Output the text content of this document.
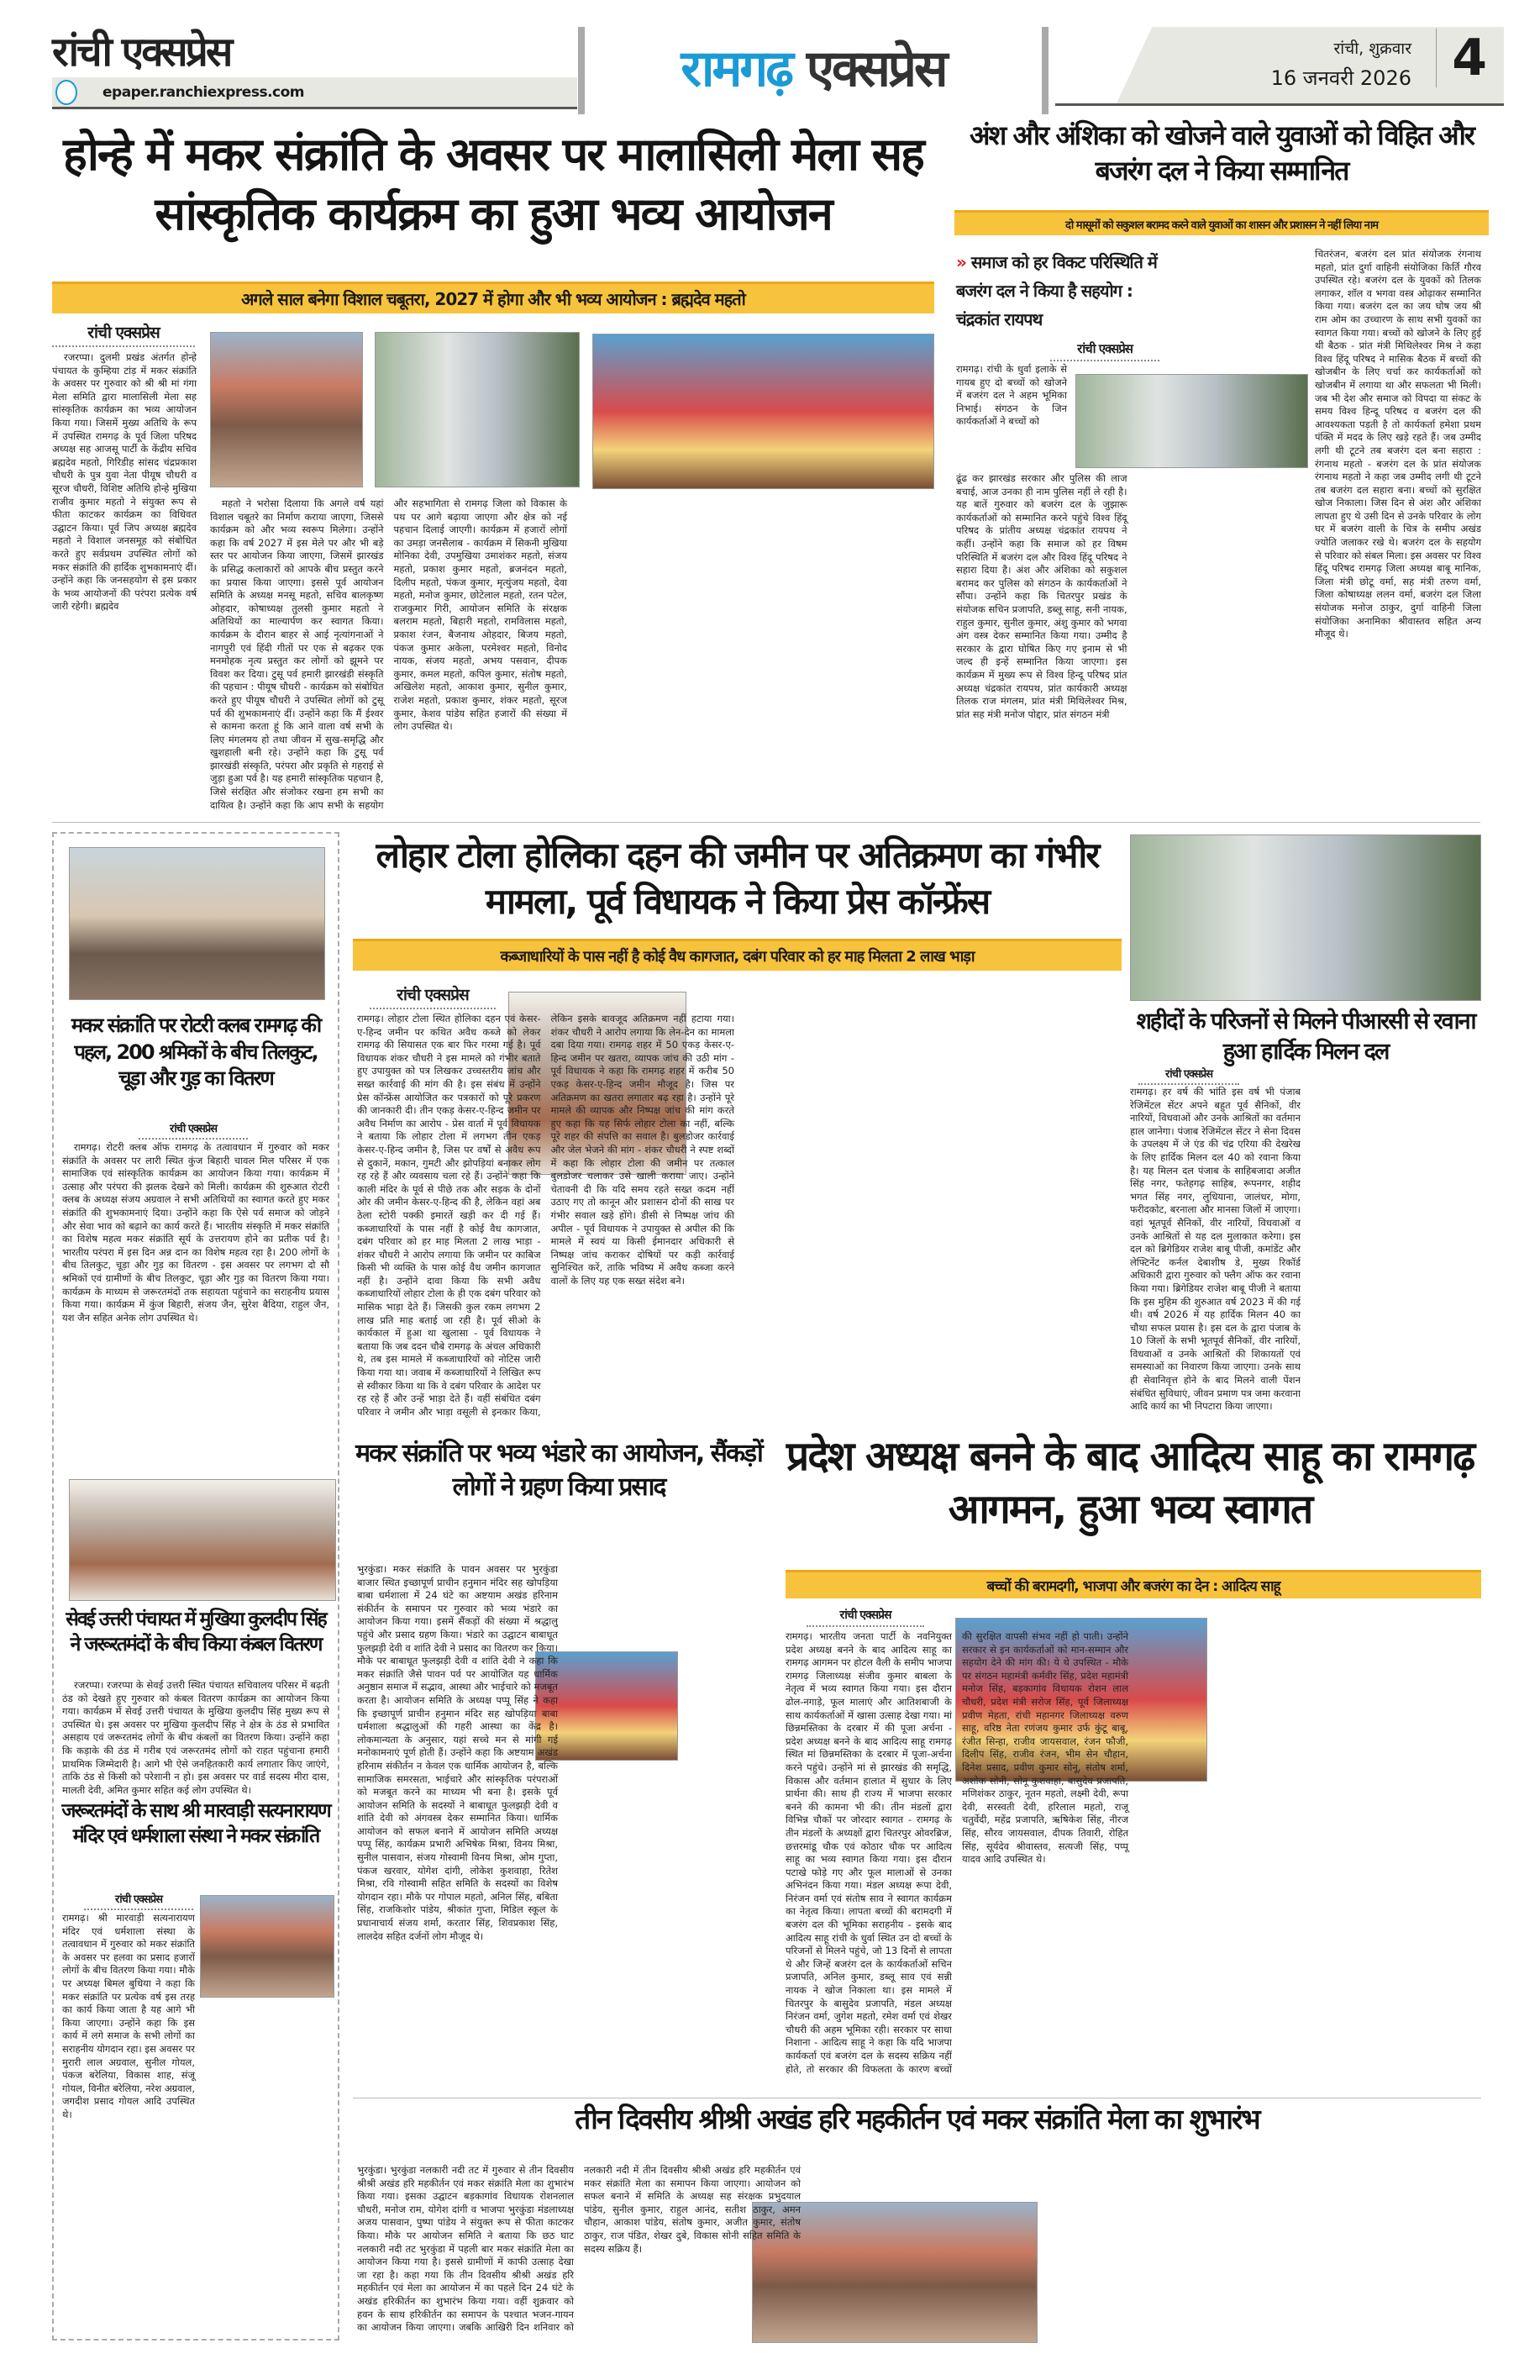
रांची एक्सप्रेस
epaper.ranchiexpress.com	रामगढ़ एक्सप्रेस	रांची, शुक्रवार
16 जनवरी 2026 4
होन्हे में मकर संक्रांति के अवसर पर मालासिली मेला सह सांस्कृतिक कार्यक्रम का हुआ भव्य आयोजन
अगले साल बनेगा विशाल चबूतरा, 2027 में होगा और भी भव्य आयोजन : ब्रह्मदेव महतो
रांची एक्सप्रेस
रजरप्पा। दुलमी प्रखंड अंतर्गत होन्हे पंचायत के कुम्हिया टांड़ में मकर संक्रांति के अवसर पर गुरुवार को श्री श्री मां गंगा मेला समिति द्वारा मालासिली मेला सह सांस्कृतिक कार्यक्रम का भव्य आयोजन किया गया। जिसमें मुख्य अतिथि के रूप में उपस्थित रामगढ़ के पूर्व जिला परिषद अध्यक्ष सह आजसू पार्टी के केंद्रीय सचिव ब्रह्मदेव महतो, गिरिडीह सांसद चंद्रप्रकाश चौधरी के पुत्र युवा नेता पीयूष चौधरी व सूरज चौधरी, विशिष्ट अतिथि होन्हे मुखिया राजीव कुमार महतो ने संयुक्त रूप से फीता काटकर कार्यक्रम का विधिवत उद्घाटन किया। पूर्व जिप अध्यक्ष ब्रह्मदेव महतो ने विशाल जनसमूह को संबोधित करते हुए सर्वप्रथम उपस्थित लोगों को मकर संक्रांति की हार्दिक शुभकामनाएं दीं। उन्होंने कहा कि जनसहयोग से इस प्रकार के भव्य आयोजनों की परंपरा प्रत्येक वर्ष जारी रहेगी। ब्रह्मदेव
महतो ने भरोसा दिलाया कि अगले वर्ष यहां विशाल चबूतरे का निर्माण कराया जाएगा, जिससे कार्यक्रम को और भव्य स्वरूप मिलेगा। उन्होंने कहा कि वर्ष 2027 में इस मेले पर और भी बड़े स्तर पर आयोजन किया जाएगा, जिसमें झारखंड के प्रसिद्ध कलाकारों को आपके बीच प्रस्तुत करने का प्रयास किया जाएगा। इससे पूर्व आयोजन समिति के अध्यक्ष मनसू महतो, सचिव बालकृष्ण ओहदार, कोषाध्यक्ष तुलसी कुमार महतो ने अतिथियों का माल्यार्पण कर स्वागत किया। कार्यक्रम के दौरान बाहर से आई नृत्यांगनाओं ने नागपुरी एवं हिंदी गीतों पर एक से बढ़कर एक मनमोहक नृत्य प्रस्तुत कर लोगों को झूमने पर विवश कर दिया। टुसू पर्व हमारी झारखंडी संस्कृति की पहचान : पीयूष चौधरी - कार्यक्रम को संबोधित करते हुए पीयूष चौधरी ने उपस्थित लोगों को टुसू पर्व की शुभकामनाएं दीं। उन्होंने कहा कि मैं ईश्वर से कामना करता हूं कि आने वाला वर्ष सभी के लिए मंगलमय हो तथा जीवन में सुख-समृद्धि और खुशहाली बनी रहे। उन्होंने कहा कि टुसू पर्व झारखंडी संस्कृति, परंपरा और प्रकृति से गहराई से जुड़ा हुआ पर्व है। यह हमारी सांस्कृतिक पहचान है, जिसे संरक्षित और संजोकर रखना हम सभी का दायित्व है। उन्होंने कहा कि आप सभी के सहयोग और सहभागिता से रामगढ़ जिला को विकास के पथ पर आगे बढ़ाया जाएगा और क्षेत्र को नई पहचान दिलाई जाएगी। कार्यक्रम में हजारों लोगों का उमड़ा जनसैलाब - कार्यक्रम में सिकनी मुखिया मोनिका देवी, उपमुखिया उमाशंकर महतो, संजय महतो, प्रकाश कुमार महतो, ब्रजनंदन महतो, दिलीप महतो, पंकज कुमार, मृत्युंजय महतो, देवा महतो, मनोज कुमार, छोटेलाल महतो, रतन पटेल, राजकुमार गिरी, आयोजन समिति के संरक्षक बलराम महतो, बिहारी महतो, रामविलास महतो, प्रकाश रंजन, बैजनाथ ओहदार, बिजय महतो, पंकज कुमार अकेला, परमेश्वर महतो, विनोद नायक, संजय महतो, अभय पसवान, दीपक कुमार, कमल महतो, कपिल कुमार, संतोष महतो, अखिलेश महतो, आकाश कुमार, सुनील कुमार, राजेश महतो, प्रकाश कुमार, शंकर महतो, सूरज कुमार, केशव पांडेय सहित हजारों की संख्या में लोग उपस्थित थे।
अंश और अंशिका को खोजने वाले युवाओं को विहित और बजरंग दल ने किया सम्मानित
दो मासूमों को सकुशल बरामद करने वाले युवाओं का शासन और प्रशासन ने नहीं लिया नाम
» समाज को हर विकट परिस्थिति में बजरंग दल ने किया है सहयोग : चंद्रकांत रायपथ
रांची एक्सप्रेस
रामगढ़। रांची के धुर्वा इलाके से गायब हुए दो बच्चों को खोजने में बजरंग दल ने अहम भूमिका निभाई। संगठन के जिन कार्यकर्ताओं ने बच्चों को
ढूंढ कर झारखंड सरकार और पुलिस की लाज बचाई, आज उनका ही नाम पुलिस नहीं ले रही है। यह बातें गुरुवार को बजरंग दल के जुझारू कार्यकर्ताओं को सम्मानित करने पहुंचे विश्व हिंदू परिषद के प्रांतीय अध्यक्ष चंद्रकांत रायपथ ने कहीं। उन्होंने कहा कि समाज को हर विषम परिस्थिति में बजरंग दल और विश्व हिंदू परिषद ने सहारा दिया है। अंश और अंशिका को सकुशल बरामद कर पुलिस को संगठन के कार्यकर्ताओं ने सौंपा। उन्होंने कहा कि चितरपुर प्रखंड के संयोजक सचिन प्रजापति, डब्लू साहू, सनी नायक, राहुल कुमार, सुनील कुमार, अंशु कुमार को भगवा अंग वस्त्र देकर सम्मानित किया गया। उम्मीद है सरकार के द्वारा घोषित किए गए इनाम से भी जल्द ही इन्हें सम्मानित किया जाएगा। इस कार्यक्रम में मुख्य रूप से विश्व हिन्दू परिषद प्रांत अध्यक्ष चंद्रकांत रायपथ, प्रांत कार्यकारी अध्यक्ष तिलक राज मंगलम, प्रांत मंत्री मिथिलेश्वर मिश्र, प्रांत सह मंत्री मनोज पोद्दार, प्रांत संगठन मंत्री
चितरंजन, बजरंग दल प्रांत संयोजक रंगनाथ महतो, प्रांत दुर्गा वाहिनी संयोजिका किर्ति गौरव उपस्थित रहे। बजरंग दल के युवकों को तिलक लगाकर, शॉल व भगवा वस्त्र ओढ़ाकर सम्मानित किया गया। बजरंग दल का जय घोष जय श्री राम ओम का उच्चारण के साथ सभी युवकों का स्वागत किया गया। बच्चों को खोजने के लिए हुई थी बैठक - प्रांत मंत्री मिथिलेश्वर मिश्र ने कहा विश्व हिंदू परिषद ने मासिक बैठक में बच्चों की खोजबीन के लिए चर्चा कर कार्यकर्ताओं को खोजबीन में लगाया था और सफलता भी मिली। जब भी देश और समाज को विपदा या संकट के समय विश्व हिन्दू परिषद व बजरंग दल की आवश्यकता पड़ती है तो कार्यकर्ता हमेशा प्रथम पंक्ति में मदद के लिए खड़े रहते हैं। जब उम्मीद लगी थी टूटने तब बजरंग दल बना सहारा : रंगनाथ महतो - बजरंग दल के प्रांत संयोजक रंगनाथ महतो ने कहा जब उम्मीद लगी थी टूटने तब बजरंग दल सहारा बना। बच्चों को सुरक्षित खोज निकाला। जिस दिन से अंश और अंशिका लापता हुए थे उसी दिन से उनके परिवार के लोग घर में बजरंग वाली के चित्र के समीप अखंड ज्योति जलाकर रखे थे। बजरंग दल के सहयोग से परिवार को संबल मिला। इस अवसर पर विश्व हिंदू परिषद रामगढ़ जिला अध्यक्ष बाबू मानिक, जिला मंत्री छोटू वर्मा, सह मंत्री तरुण वर्मा, जिला कोषाध्यक्ष ललन वर्मा, बजरंग दल जिला संयोजक मनोज ठाकुर, दुर्गा वाहिनी जिला संयोजिका अनामिका श्रीवास्तव सहित अन्य मौजूद थे।
मकर संक्रांति पर रोटरी क्लब रामगढ़ की पहल, 200 श्रमिकों के बीच तिलकुट, चूड़ा और गुड़ का वितरण
रांची एक्सप्रेस
रामगढ़। रोटरी क्लब ऑफ रामगढ़ के तत्वावधान में गुरुवार को मकर संक्रांति के अवसर पर लारी स्थित कुंज बिहारी चावल मिल परिसर में एक सामाजिक एवं सांस्कृतिक कार्यक्रम का आयोजन किया गया। कार्यक्रम में उत्साह और परंपरा की झलक देखने को मिली। कार्यक्रम की शुरुआत रोटरी क्लब के अध्यक्ष संजय अग्रवाल ने सभी अतिथियों का स्वागत करते हुए मकर संक्रांति की शुभकामनाएं दिया। उन्होंने कहा कि ऐसे पर्व समाज को जोड़ने और सेवा भाव को बढ़ाने का कार्य करते हैं। भारतीय संस्कृति में मकर संक्रांति का विशेष महत्व मकर संक्रांति सूर्य के उत्तरायण होने का प्रतीक पर्व है। भारतीय परंपरा में इस दिन अन्न दान का विशेष महत्व रहा है। 200 लोगों के बीच तिलकुट, चूड़ा और गुड़ का वितरण - इस अवसर पर लगभग दो सौ श्रमिकों एवं ग्रामीणों के बीच तिलकुट, चूड़ा और गुड़ का वितरण किया गया। कार्यक्रम के माध्यम से जरूरतमंदों तक सहायता पहुंचाने का सराहनीय प्रयास किया गया। कार्यक्रम में कुंज बिहारी, संजय जैन, सुरेश बैदिया, राहुल जैन, यश जैन सहित अनेक लोग उपस्थित थे।
सेवई उत्तरी पंचायत में मुखिया कुलदीप सिंह ने जरूरतमंदों के बीच किया कंबल वितरण
रजरप्पा। रजरप्पा के सेवई उत्तरी स्थित पंचायत सचिवालय परिसर में बढ़ती ठंड को देखते हुए गुरुवार को कंबल वितरण कार्यक्रम का आयोजन किया गया। कार्यक्रम में सेवई उत्तरी पंचायत के मुखिया कुलदीप सिंह मुख्य रूप से उपस्थित थे। इस अवसर पर मुखिया कुलदीप सिंह ने क्षेत्र के ठंड से प्रभावित असहाय एवं जरूरतमंद लोगों के बीच कंबलों का वितरण किया। उन्होंने कहा कि कड़ाके की ठंड में गरीब एवं जरूरतमंद लोगों को राहत पहुंचाना हमारी प्राथमिक जिम्मेदारी है। आगे भी ऐसे जनहितकारी कार्य लगातार किए जाएंगे, ताकि ठंड से किसी को परेशानी न हो। इस अवसर पर वार्ड सदस्य मीरा दास, मालती देवी, अमित कुमार सहित कई लोग उपस्थित थे।
जरूरतमंदों के साथ श्री मारवाड़ी सत्यनारायण मंदिर एवं धर्मशाला संस्था ने मकर संक्रांति
रांची एक्सप्रेस
रामगढ़। श्री मारवाड़ी सत्यनारायण मंदिर एवं धर्मशाला संस्था के तत्वावधान में गुरुवार को मकर संक्रांति के अवसर पर हलवा का प्रसाद हजारों लोगों के बीच वितरण किया गया। मौके पर अध्यक्ष बिमल बुधिया ने कहा कि मकर संक्रांति पर प्रत्येक वर्ष इस तरह का कार्य किया जाता है यह आगे भी किया जाएगा। उन्होंने कहा कि इस कार्य में लगे समाज के सभी लोगों का सराहनीय योगदान रहा। इस अवसर पर मुरारी लाल अग्रवाल, सुनील गोयल, पंकज बरेलिया, विकास शाह, संजू गोयल, विनीत बरेलिया, नरेश अग्रवाल, जगदीश प्रसाद गोयल आदि उपस्थित थे।
लोहार टोला होलिका दहन की जमीन पर अतिक्रमण का गंभीर मामला, पूर्व विधायक ने किया प्रेस कॉन्फ्रेंस
कब्जाधारियों के पास नहीं है कोई वैध कागजात, दबंग परिवार को हर माह मिलता 2 लाख भाड़ा
रांची एक्सप्रेस
रामगढ़। लोहार टोला स्थित होलिका दहन एवं केसर-ए-हिन्द जमीन पर कथित अवैध कब्जे को लेकर रामगढ़ की सियासत एक बार फिर गरमा गई है। पूर्व विधायक शंकर चौधरी ने इस मामले को गंभीर बताते हुए उपायुक्त को पत्र लिखकर उच्चस्तरीय जांच और सख्त कार्रवाई की मांग की है। इस संबंध में उन्होंने प्रेस कॉन्फ्रेंस आयोजित कर पत्रकारों को पूरे प्रकरण की जानकारी दी। तीन एकड़ केसर-ए-हिन्द जमीन पर अवैध निर्माण का आरोप - प्रेस वार्ता में पूर्व विधायक ने बताया कि लोहार टोला में लगभग तीन एकड़ केसर-ए-हिन्द जमीन है, जिस पर वर्षों से अवैध रूप से दुकानें, मकान, गुमटी और झोपड़ियां बनाकर लोग रह रहे हैं और व्यवसाय चला रहे हैं। उन्होंने कहा कि काली मंदिर के पूर्व से पीछे तक और सड़क के दोनों ओर की जमीन केसर-ए-हिन्द की है, लेकिन वहां अब ठेला स्टोरी पक्की इमारतें खड़ी कर दी गई हैं। कब्जाधारियों के पास नहीं है कोई वैध कागजात, दबंग परिवार को हर माह मिलता 2 लाख भाड़ा - शंकर चौधरी ने आरोप लगाया कि जमीन पर काबिज किसी भी व्यक्ति के पास कोई वैध जमीन कागजात नहीं है। उन्होंने दावा किया कि सभी अवैध कब्जाधारियों लोहार टोला के ही एक दबंग परिवार को मासिक भाड़ा देते हैं। जिसकी कुल रकम लगभग 2 लाख प्रति माह बताई जा रही है। पूर्व सीओ के कार्यकाल में हुआ था खुलासा - पूर्व विधायक ने बताया कि जब ददन चौबे रामगढ़ के अंचल अधिकारी थे, तब इस मामले में कब्जाधारियों को नोटिस जारी किया गया था। जवाब में कब्जाधारियों ने लिखित रूप से स्वीकार किया था कि वे दबंग परिवार के आदेश पर रह रहे हैं और उन्हें भाड़ा देते हैं। वहीं संबंधित दबंग परिवार ने जमीन और भाड़ा वसूली से इनकार किया, लेकिन इसके बावजूद अतिक्रमण नहीं हटाया गया। शंकर चौधरी ने आरोप लगाया कि लेन-देन का मामला दबा दिया गया। रामगढ़ शहर में 50 एकड़ केसर-ए-हिन्द जमीन पर खतरा, व्यापक जांच की उठी मांग - पूर्व विधायक ने कहा कि रामगढ़ शहर में करीब 50 एकड़ केसर-ए-हिन्द जमीन मौजूद है। जिस पर अतिक्रमण का खतरा लगातार बढ़ रहा है। उन्होंने पूरे मामले की व्यापक और निष्पक्ष जांच की मांग करते हुए कहा कि यह सिर्फ लोहार टोला का नहीं, बल्कि पूरे शहर की संपत्ति का सवाल है। बुलडोजर कार्रवाई और जेल भेजने की मांग - शंकर चौधरी ने स्पष्ट शब्दों में कहा कि लोहार टोला की जमीन पर तत्काल बुलडोजर चलाकर उसे खाली कराया जाए। उन्होंने चेतावनी दी कि यदि समय रहते सख्त कदम नहीं उठाए गए तो कानून और प्रशासन दोनों की साख पर गंभीर सवाल खड़े होंगे। डीसी से निष्पक्ष जांच की अपील - पूर्व विधायक ने उपायुक्त से अपील की कि मामले में स्वयं या किसी ईमानदार अधिकारी से निष्पक्ष जांच कराकर दोषियों पर कड़ी कार्रवाई सुनिश्चित करें, ताकि भविष्य में अवैध कब्जा करने वालों के लिए यह एक सख्त संदेश बने।
शहीदों के परिजनों से मिलने पीआरसी से रवाना हुआ हार्दिक मिलन दल
रांची एक्सप्रेस
रामगढ़। हर वर्ष की भांति इस वर्ष भी पंजाब रेजिमेंटल सेंटर अपने बहुत पूर्व सैनिकों, वीर नारियों, विधवाओं और उनके आश्रितों का वर्तमान हाल जानेगा। पंजाब रेजिमेंटल सेंटर ने सेना दिवस के उपलक्ष्य में जे एंड की चंद्र एरिया की देखरेख के लिए हार्दिक मिलन दल 40 को रवाना किया है। यह मिलन दल पंजाब के साहिबजादा अजीत सिंह नगर, फतेहगढ़ साहिब, रूपनगर, शहीद भगत सिंह नगर, लुधियाना, जालंधर, मोगा, फरीदकोट, बरनाला और मानसा जिलों में जाएगा। वहां भूतपूर्व सैनिकों, वीर नारियों, विधवाओं व उनके आश्रितों से यह दल मुलाकात करेगा। इस दल को ब्रिगेडियर राजेश बाबू पीजी, कमांडेंट और लेफ्टिनेंट कर्नल देबाशीष डे, मुख्य रिकॉर्ड अधिकारी द्वारा गुरुवार को फ्लैग ऑफ कर रवाना किया गया। ब्रिगेडियर राजेश बाबू पीजी ने बताया कि इस मुहिम की शुरुआत वर्ष 2023 में की गई थी। वर्ष 2026 में यह हार्दिक मिलन 40 का चौथा सफल प्रयास है। इस दल के द्वारा पंजाब के 10 जिलों के सभी भूतपूर्व सैनिकों, वीर नारियों, विधवाओं व उनके आश्रितों की शिकायतों एवं समस्याओं का निवारण किया जाएगा। उनके साथ ही सेवानिवृत्त होने के बाद मिलने वाली पेंशन संबंधित सुविधाएं, जीवन प्रमाण पत्र जमा करवाना आदि कार्य का भी निपटारा किया जाएगा।
मकर संक्रांति पर भव्य भंडारे का आयोजन, सैंकड़ों लोगों ने ग्रहण किया प्रसाद
भुरकुंडा। मकर संक्रांति के पावन अवसर पर भुरकुंडा बाजार स्थित इच्छापूर्ण प्राचीन हनुमान मंदिर सह खोपड़िया बाबा धर्मशाला में 24 घंटे का अष्टयाम अखंड हरिनाम संकीर्तन के समापन पर गुरुवार को भव्य भंडारे का आयोजन किया गया। इसमें सैंकड़ों की संख्या में श्रद्धालु पहुंचे और प्रसाद ग्रहण किया। भंडारे का उद्घाटन बाबाधूत फुलझड़ी देवी व शांति देवी ने प्रसाद का वितरण कर किया। मौके पर बाबाधूत फुलझड़ी देवी व शांति देवी ने कहा कि मकर संक्रांति जैसे पावन पर्व पर आयोजित यह धार्मिक अनुष्ठान समाज में सद्भाव, आस्था और भाईचारे को मजबूत करता है। आयोजन समिति के अध्यक्ष पप्पू सिंह ने कहा कि इच्छापूर्ण प्राचीन हनुमान मंदिर सह खोपड़िया बाबा धर्मशाला श्रद्धालुओं की गहरी आस्था का केंद्र है। लोकमान्यता के अनुसार, यहां सच्चे मन से मांगी गई मनोकामनाएं पूर्ण होती हैं। उन्होंने कहा कि अष्टयाम अखंड हरिनाम संकीर्तन न केवल एक धार्मिक आयोजन है, बल्कि सामाजिक समरसता, भाईचारे और सांस्कृतिक परंपराओं को मजबूत करने का माध्यम भी बना है। इसके पूर्व आयोजन समिति के सदस्यों ने बाबाधूत फुलझड़ी देवी व शांति देवी को अंगवस्त्र देकर सम्मानित किया। धार्मिक आयोजन को सफल बनाने में आयोजन समिति अध्यक्ष पप्पू सिंह, कार्यक्रम प्रभारी अभिषेक मिश्रा, विनय मिश्रा, सुनील पासवान, संजय गोस्वामी विनय मिश्रा, ओम गुप्ता, पंकज खरवार, योगेश दांगी, लोकेश कुशवाहा, रितेश मिश्रा, रवि गोस्वामी सहित समिति के सदस्यों का विशेष योगदान रहा। मौके पर गोपाल महतो, अनिल सिंह, बबिता सिंह, राजकिशोर पांडेय, श्रीकांत गुप्ता, मिडिल स्कूल के प्रधानाचार्य संजय शर्मा, करतार सिंह, शिवप्रकाश सिंह, लालदेव सहित दर्जनों लोग मौजूद थे।
प्रदेश अध्यक्ष बनने के बाद आदित्य साहू का रामगढ़ आगमन, हुआ भव्य स्वागत
बच्चों की बरामदगी, भाजपा और बजरंग का देन : आदित्य साहू
रांची एक्सप्रेस
रामगढ़। भारतीय जनता पार्टी के नवनियुक्त प्रदेश अध्यक्ष बनने के बाद आदित्य साहू का रामगढ़ आगमन पर होटल वैली के समीप भाजपा रामगढ़ जिलाध्यक्ष संजीव कुमार बाबला के नेतृत्व में भव्य स्वागत किया गया। इस दौरान ढोल-नगाड़े, फूल मालाएं और आतिशबाजी के साथ कार्यकर्ताओं में खासा उत्साह देखा गया। मां छिन्नमस्तिका के दरबार में की पूजा अर्चना - प्रदेश अध्यक्ष बनने के बाद आदित्य साहू रामगढ़ स्थित मां छिन्नमस्तिका के दरबार में पूजा-अर्चना करने पहुंचे। उन्होंने मां से झारखंड की समृद्धि, विकास और वर्तमान हालात में सुधार के लिए प्रार्थना की। साथ ही राज्य में भाजपा सरकार बनने की कामना भी की। तीन मंडलों द्वारा विभिन्न चौकों पर जोरदार स्वागत - रामगढ़ के तीन मंडलों के अध्यक्षों द्वारा चितरपुर ओवरब्रिज, छत्तरमांडू चौक एवं कोठार चौक पर आदित्य साहू का भव्य स्वागत किया गया। इस दौरान पटाखे फोड़े गए और फूल मालाओं से उनका अभिनंदन किया गया। मंडल अध्यक्ष रूपा देवी, निरंजन वर्मा एवं संतोष साव ने स्वागत कार्यक्रम का नेतृत्व किया। लापता बच्चों की बरामदगी में बजरंग दल की भूमिका सराहनीय - इसके बाद आदित्य साहू रांची के धुर्वा स्थित उन दो बच्चों के परिजनों से मिलने पहुंचे, जो 13 दिनों से लापता थे और जिन्हें बजरंग दल के कार्यकर्ताओं सचिन प्रजापति, अनिल कुमार, डब्लू साव एवं सन्नी नायक ने खोज निकाला था। इस मामले में चितरपुर के बासुदेव प्रजापति, मंडल अध्यक्ष निरंजन वर्मा, जुगेश महतो, रमेश वर्मा एवं शेखर चौधरी की अहम भूमिका रही। सरकार पर साधा निशाना - आदित्य साहू ने कहा कि यदि भाजपा कार्यकर्ता एवं बजरंग दल के सदस्य सक्रिय नहीं होते, तो सरकार की विफलता के कारण बच्चों की सुरक्षित वापसी संभव नहीं हो पाती। उन्होंने सरकार से इन कार्यकर्ताओं को मान-सम्मान और सहयोग देने की मांग की। ये थे उपस्थित - मौके पर संगठन महामंत्री कर्मवीर सिंह, प्रदेश महामंत्री मनोज सिंह, बड़कागांव विधायक रोशन लाल चौधरी, प्रदेश मंत्री सरोज सिंह, पूर्व जिलाध्यक्ष प्रवीण मेहता, रांची महानगर जिलाध्यक्ष वरुण साहू, वरिष्ठ नेता रणंजय कुमार उर्फ कुंटू बाबू, रंजीत सिन्हा, राजीव जायसवाल, रंजन फौजी, दिलीप सिंह, राजीव रंजन, भीम सेन चौहान, दिनेश प्रसाद, प्रवीण कुमार सोनू, संतोष शर्मा, अशोक सोनी, सोनू कुशवाहा, बासुदेव प्रजापति, मणिशंकर ठाकुर, नूतन महतो, लक्ष्मी देवी, रूपा देवी, सरस्वती देवी, हरिलाल महतो, राजू चतुर्वेदी, महेंद्र प्रजापति, ऋषिकेश सिंह, नीरज सिंह, सौरव जायसवाल, दीपक तिवारी, रोहित सिंह, सूर्यदेव श्रीवास्तव, सत्यजी सिंह, पप्पू यादव आदि उपस्थित थे।
तीन दिवसीय श्रीश्री अखंड हरि महकीर्तन एवं मकर संक्रांति मेला का शुभारंभ
भुरकुंडा। भुरकुंडा नलकारी नदी तट में गुरुवार से तीन दिवसीय श्रीश्री अखंड हरि महकीर्तन एवं मकर संक्रांति मेला का शुभारंभ किया गया। इसका उद्घाटन बड़कागांव विधायक रोशनलाल चौधरी, मनोज राम, योगेश दांगी व भाजपा भुरकुंडा मंडलाध्यक्ष अजय पासवान, पुष्पा पांडेय ने संयुक्त रूप से फीता काटकर किया। मौके पर आयोजन समिति ने बताया कि छठ घाट नलकारी नदी तट भुरकुंडा में पहली बार मकर संक्रांति मेला का आयोजन किया गया है। इससे ग्रामीणों में काफी उत्साह देखा जा रहा है। कहा गया कि तीन दिवसीय श्रीश्री अखंड हरि महकीर्तन एवं मेला का आयोजन में का पहले दिन 24 घंटे के अखंड हरिकीर्तन का शुभारंभ किया गया। वहीं शुक्रवार को हवन के साथ हरिकीर्तन का समापन के पश्चात भजन-गायन का आयोजन किया जाएगा। जबकि आखिरी दिन शनिवार को नलकारी नदी में तीन दिवसीय श्रीश्री अखंड हरि महकीर्तन एवं मकर संक्रांति मेला का समापन किया जाएगा। आयोजन को सफल बनाने में समिति के अध्यक्ष सह संरक्षक प्रभुदयाल पांडेय, सुनील कुमार, राहुल आनंद, सतीश ठाकुर, अमन चौहान, आकाश पांडेय, संतोष कुमार, अजीत कुमार, संतोष ठाकुर, राज पंडित, शेखर दुबे, विकास सोनी सहित समिति के सदस्य सक्रिय हैं।
